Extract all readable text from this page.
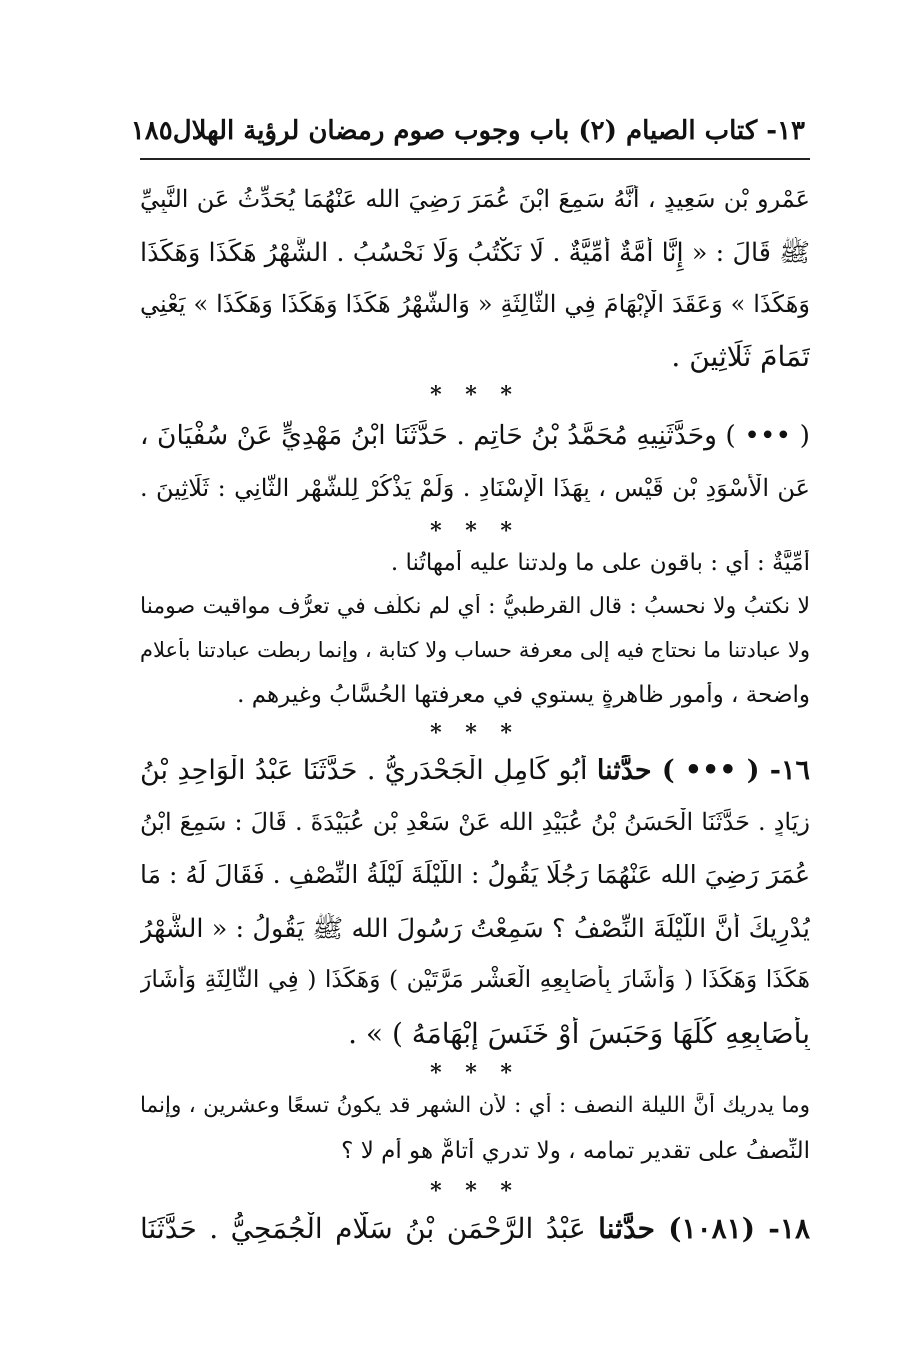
١٣- كتاب الصيام (٢) باب وجوب صوم رمضان لرؤية الهلال
١٨٥
عَمْرِو بْنِ سَعِيدٍ ، أَنَّهُ سَمِعَ ابْنَ عُمَرَ رَضِيَ الله عَنْهُمَا يُحَدِّثُ عَنِ النَّبِيِّ
ﷺ قَالَ : « إِنَّا أُمَّةٌ أُمِّيَّةٌ . لَا نَكْتُبُ وَلَا نَحْسُبُ . الشَّهْرُ هَكَذَا وَهَكَذَا
وَهَكَذَا » وَعَقَدَ الْإِبْهَامَ فِي الثَّالِثَةِ « وَالشَّهْرُ هَكَذَا وَهَكَذَا وَهَكَذَا » يَعْنِي
تَمَامَ ثَلَاثِينَ .
* * *
( ••• ) وحَدَّثَنِيهِ مُحَمَّدُ بْنُ حَاتِمٍ . حَدَّثَنَا ابْنُ مَهْدِيٍّ عَنْ سُفْيَانَ ،
عَنِ الْأَسْوَدِ بْنِ قَيْسٍ ، بِهَذَا الْإِسْنَادِ . وَلَمْ يَذْكُرْ لِلشَّهْرِ الثَّانِي : ثَلَاثِينَ .
* * *
أُمِّيَّةٌ : أي : باقون على ما ولدتنا عليه أمهاتُنا .
لا نكتبُ ولا نحسبُ : قال القرطبيُّ : أي لم نكلَّف في تعرُّف مواقيت صومنا
ولا عبادتنا ما نحتاج فيه إلى معرفة حساب ولا كتابة ، وإنما ربطت عبادتنا بأعلام
واضحة ، وأمورٍ ظاهرةٍ يستوي في معرفتها الحُسَّابُ وغيرهم .
* * *
١٦- ( ••• ) حدَّثنا أَبُو كَامِلٍ الْجَحْدَرِيُّ . حَدَّثَنَا عَبْدُ الْوَاحِدِ بْنُ
زِيَادٍ . حَدَّثَنَا الْحَسَنُ بْنُ عُبَيْدِ الله عَنْ سَعْدِ بْنِ عُبَيْدَةَ . قَالَ : سَمِعَ ابْنُ
عُمَرَ رَضِيَ الله عَنْهُمَا رَجُلًا يَقُولُ : اللَّيْلَةَ لَيْلَةُ النِّصْفِ . فَقَالَ لَهُ : مَا
يُدْرِيكَ أَنَّ اللَّيْلَةَ النِّصْفُ ؟ سَمِعْتُ رَسُولَ الله ﷺ يَقُولُ : « الشَّهْرُ
هَكَذَا وَهَكَذَا ( وَأَشَارَ بِأَصَابِعِهِ الْعَشْرِ مَرَّتَيْنِ ) وَهَكَذَا ( فِي الثَّالِثَةِ وَأَشَارَ
بِأَصَابِعِهِ كُلِّهَا وَحَبَسَ أَوْ خَنَسَ إِبْهَامَهُ ) » .
* * *
وما يدريك أنَّ الليلة النصف : أي : لأن الشهر قد يكونُ تسعًا وعشرين ، وإنما
النِّصفُ على تقدير تمامه ، ولا تدري أتامٌّ هو أم لا ؟
* * *
١٨- (١٠٨١) حدَّثنا عَبْدُ الرَّحْمَنِ بْنُ سَلَّامٍ الْجُمَحِيُّ . حَدَّثَنَا
